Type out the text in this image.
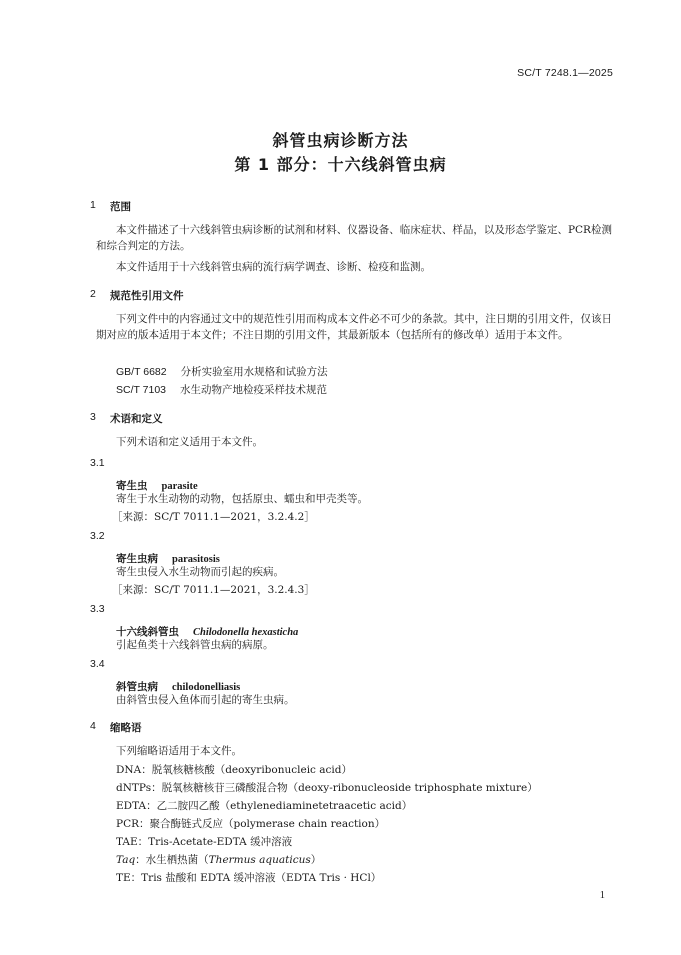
SC/T 7248.1—2025
斜管虫病诊断方法
第 1 部分：十六线斜管虫病
1 范围
本文件描述了十六线斜管虫病诊断的试剂和材料、仪器设备、临床症状、样品，以及形态学鉴定、PCR检测和综合判定的方法。
本文件适用于十六线斜管虫病的流行病学调查、诊断、检疫和监测。
2 规范性引用文件
下列文件中的内容通过文中的规范性引用而构成本文件必不可少的条款。其中，注日期的引用文件，仅该日期对应的版本适用于本文件；不注日期的引用文件，其最新版本（包括所有的修改单）适用于本文件。
GB/T 6682 分析实验室用水规格和试验方法
SC/T 7103 水生动物产地检疫采样技术规范
3 术语和定义
下列术语和定义适用于本文件。
3.1
寄生虫 parasite
寄生于水生动物的动物，包括原虫、蠕虫和甲壳类等。
［来源：SC/T 7011.1—2021，3.2.4.2］
3.2
寄生虫病 parasitosis
寄生虫侵入水生动物而引起的疾病。
［来源：SC/T 7011.1—2021，3.2.4.3］
3.3
十六线斜管虫 Chilodonella hexasticha
引起鱼类十六线斜管虫病的病原。
3.4
斜管虫病 chilodonelliasis
由斜管虫侵入鱼体而引起的寄生虫病。
4 缩略语
下列缩略语适用于本文件。
DNA：脱氧核糖核酸（deoxyribonucleic acid）
dNTPs：脱氧核糖核苷三磷酸混合物（deoxy-ribonucleoside triphosphate mixture）
EDTA：乙二胺四乙酸（ethylenediaminetetraacetic acid）
PCR：聚合酶链式反应（polymerase chain reaction）
TAE：Tris-Acetate-EDTA 缓冲溶液
Taq：水生栖热菌（Thermus aquaticus）
TE：Tris 盐酸和 EDTA 缓冲溶液（EDTA Tris · HCl）
1
